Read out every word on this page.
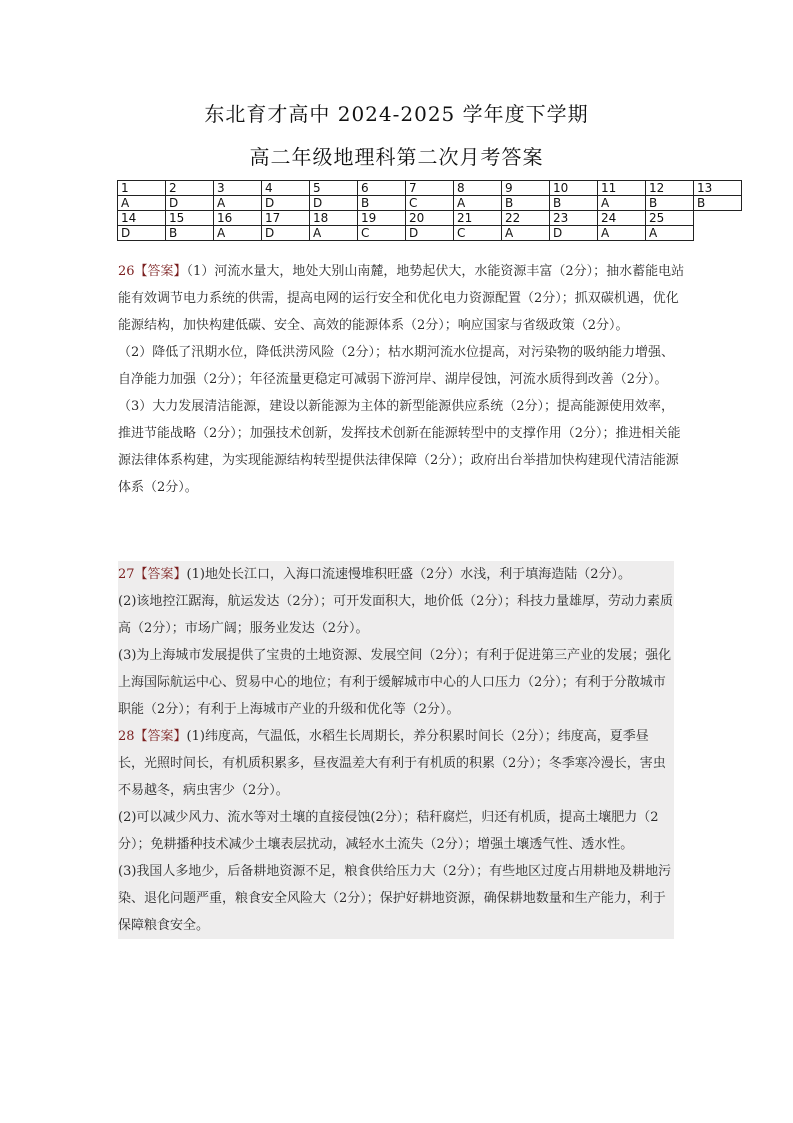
东北育才高中 2024-2025 学年度下学期
高二年级地理科第二次月考答案
1	2	3	4	5	6	7	8	9	10	11	12	13
A	D	A	D	D	B	C	A	B	B	A	B	B
14	15	16	17	18	19	20	21	22	23	24	25	
D	B	A	D	A	C	D	C	A	D	A	A	

26【答案】（1）河流水量大，地处大别山南麓，地势起伏大，水能资源丰富（2分）；抽水蓄能电站能有效调节电力系统的供需，提高电网的运行安全和优化电力资源配置（2分）；抓双碳机遇，优化能源结构，加快构建低碳、安全、高效的能源体系（2分）；响应国家与省级政策（2分）。

（2）降低了汛期水位，降低洪涝风险（2分）；枯水期河流水位提高，对污染物的吸纳能力增强、自净能力加强（2分）；年径流量更稳定可减弱下游河岸、湖岸侵蚀，河流水质得到改善（2分）。

（3）大力发展清洁能源，建设以新能源为主体的新型能源供应系统（2分）；提高能源使用效率，推进节能战略（2分）；加强技术创新，发挥技术创新在能源转型中的支撑作用（2分）；推进相关能源法律体系构建，为实现能源结构转型提供法律保障（2分）；政府出台举措加快构建现代清洁能源体系（2分）。

27【答案】(1)地处长江口，入海口流速慢堆积旺盛（2分）水浅，利于填海造陆（2分）。

(2)该地控江踞海，航运发达（2分）；可开发面积大，地价低（2分）；科技力量雄厚，劳动力素质高（2分）；市场广阔；服务业发达（2分）。

(3)为上海城市发展提供了宝贵的土地资源、发展空间（2分）；有利于促进第三产业的发展；强化上海国际航运中心、贸易中心的地位；有利于缓解城市中心的人口压力（2分）；有利于分散城市职能（2分）；有利于上海城市产业的升级和优化等（2分）。

28【答案】(1)纬度高，气温低，水稻生长周期长，养分积累时间长（2分）；纬度高，夏季昼长，光照时间长，有机质积累多，昼夜温差大有利于有机质的积累（2分）；冬季寒冷漫长，害虫不易越冬，病虫害少（2分）。

(2)可以减少风力、流水等对土壤的直接侵蚀(2分）；秸秆腐烂，归还有机质，提高土壤肥力（2分）；免耕播种技术减少土壤表层扰动，减轻水土流失（2分）；增强土壤透气性、透水性。

(3)我国人多地少，后备耕地资源不足，粮食供给压力大（2分）；有些地区过度占用耕地及耕地污染、退化问题严重，粮食安全风险大（2分）；保护好耕地资源，确保耕地数量和生产能力，利于保障粮食安全。
